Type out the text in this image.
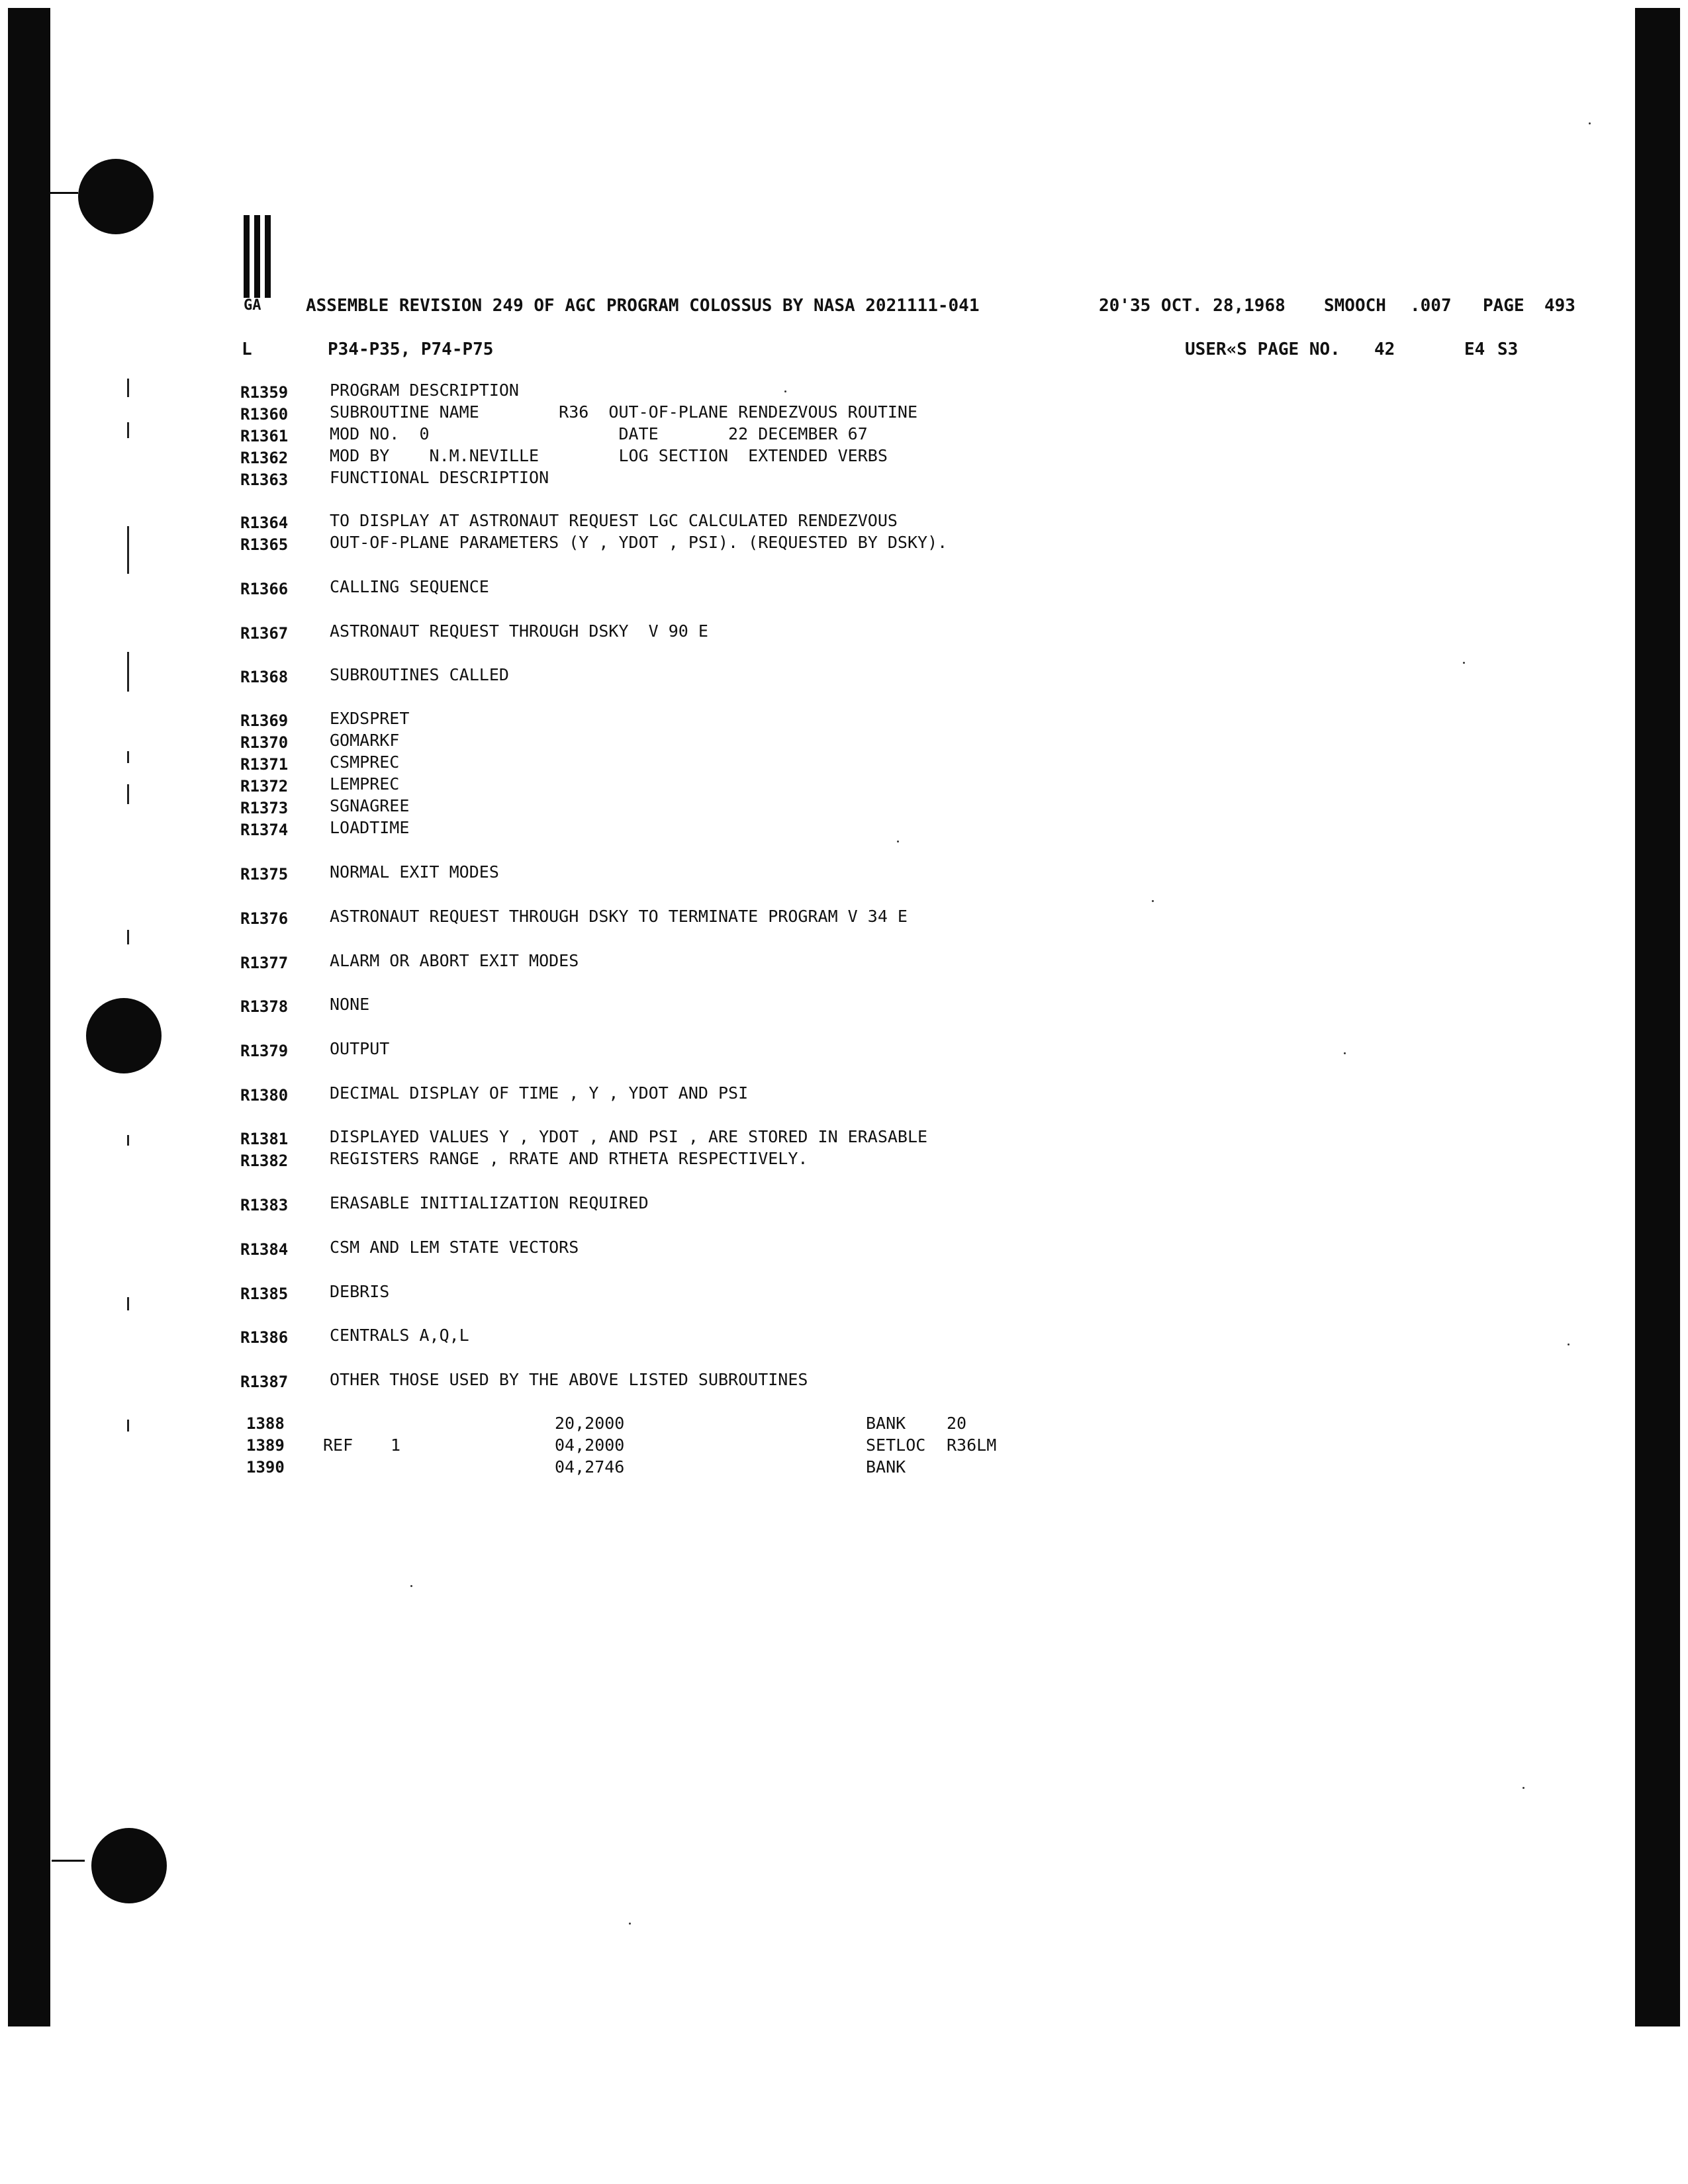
GA	ASSEMBLE REVISION 249 OF AGC PROGRAM COLOSSUS BY NASA 2021111-041	20'35 OCT. 28,1968 SMOOCH .007 PAGE 493
L	P34-P35, P74-P75	USER«S PAGE NO. 42	E4 S3
R1359	PROGRAM DESCRIPTION
R1360	SUBROUTINE NAME        R36  OUT-OF-PLANE RENDEZVOUS ROUTINE
R1361	MOD NO.  0                   DATE       22 DECEMBER 67
R1362	MOD BY    N.M.NEVILLE        LOG SECTION  EXTENDED VERBS
R1363	FUNCTIONAL DESCRIPTION
R1364	TO DISPLAY AT ASTRONAUT REQUEST LGC CALCULATED RENDEZVOUS
R1365	OUT-OF-PLANE PARAMETERS (Y , YDOT , PSI). (REQUESTED BY DSKY).
R1366	CALLING SEQUENCE
R1367	ASTRONAUT REQUEST THROUGH DSKY  V 90 E
R1368	SUBROUTINES CALLED
R1369	EXDSPRET
R1370	GOMARKF
R1371	CSMPREC
R1372	LEMPREC
R1373	SGNAGREE
R1374	LOADTIME
R1375	NORMAL EXIT MODES
R1376	ASTRONAUT REQUEST THROUGH DSKY TO TERMINATE PROGRAM V 34 E
R1377	ALARM OR ABORT EXIT MODES
R1378	NONE
R1379	OUTPUT
R1380	DECIMAL DISPLAY OF TIME , Y , YDOT AND PSI
R1381	DISPLAYED VALUES Y , YDOT , AND PSI , ARE STORED IN ERASABLE
R1382	REGISTERS RANGE , RRATE AND RTHETA RESPECTIVELY.
R1383	ERASABLE INITIALIZATION REQUIRED
R1384	CSM AND LEM STATE VECTORS
R1385	DEBRIS
R1386	CENTRALS A,Q,L
R1387	OTHER THOSE USED BY THE ABOVE LISTED SUBROUTINES
1388	20,2000	BANK 20
1389 REF 1	04,2000	SETLOC R36LM
1390	04,2746	BANK
